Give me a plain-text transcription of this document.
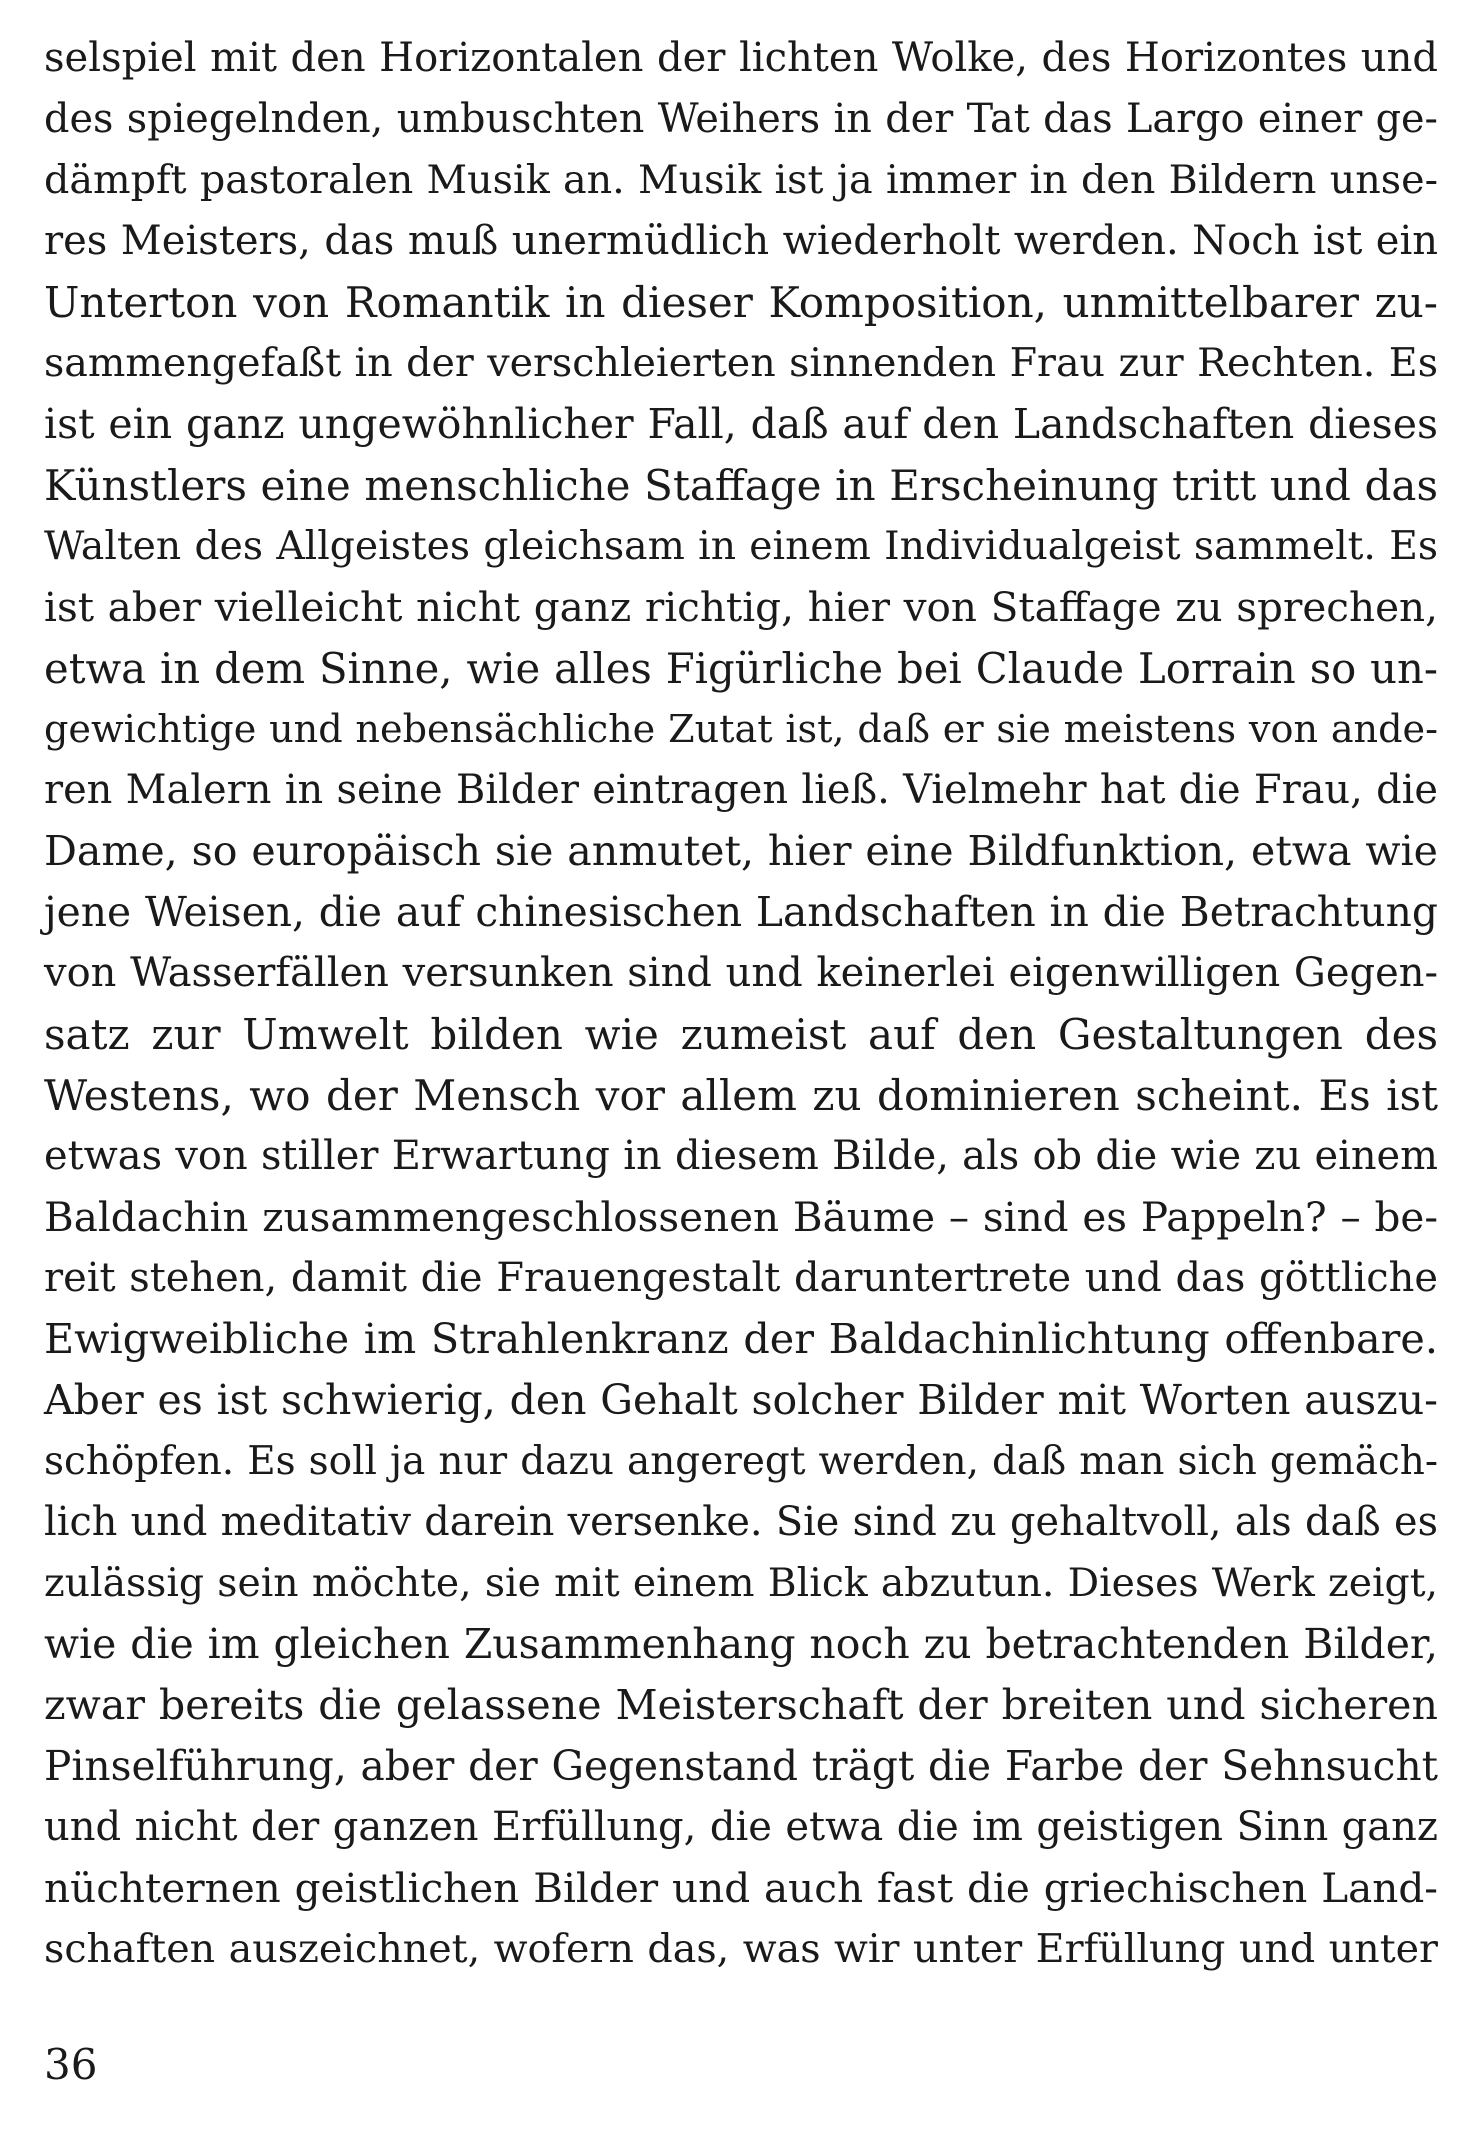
selspiel mit den Horizontalen der lichten Wolke, des Horizontes und
des spiegelnden, umbuschten Weihers in der Tat das Largo einer ge-
dämpft pastoralen Musik an. Musik ist ja immer in den Bildern unse-
res Meisters, das muß unermüdlich wiederholt werden. Noch ist ein
Unterton von Romantik in dieser Komposition, unmittelbarer zu-
sammengefaßt in der verschleierten sinnenden Frau zur Rechten. Es
ist ein ganz ungewöhnlicher Fall, daß auf den Landschaften dieses
Künstlers eine menschliche Staffage in Erscheinung tritt und das
Walten des Allgeistes gleichsam in einem Individualgeist sammelt. Es
ist aber vielleicht nicht ganz richtig, hier von Staffage zu sprechen,
etwa in dem Sinne, wie alles Figürliche bei Claude Lorrain so un-
gewichtige und nebensächliche Zutat ist, daß er sie meistens von ande-
ren Malern in seine Bilder eintragen ließ. Vielmehr hat die Frau, die
Dame, so europäisch sie anmutet, hier eine Bildfunktion, etwa wie
jene Weisen, die auf chinesischen Landschaften in die Betrachtung
von Wasserfällen versunken sind und keinerlei eigenwilligen Gegen-
satz zur Umwelt bilden wie zumeist auf den Gestaltungen des
Westens, wo der Mensch vor allem zu dominieren scheint. Es ist
etwas von stiller Erwartung in diesem Bilde, als ob die wie zu einem
Baldachin zusammengeschlossenen Bäume – sind es Pappeln? – be-
reit stehen, damit die Frauengestalt daruntertrete und das göttliche
Ewigweibliche im Strahlenkranz der Baldachinlichtung offenbare.
Aber es ist schwierig, den Gehalt solcher Bilder mit Worten auszu-
schöpfen. Es soll ja nur dazu angeregt werden, daß man sich gemäch-
lich und meditativ darein versenke. Sie sind zu gehaltvoll, als daß es
zulässig sein möchte, sie mit einem Blick abzutun. Dieses Werk zeigt,
wie die im gleichen Zusammenhang noch zu betrachtenden Bilder,
zwar bereits die gelassene Meisterschaft der breiten und sicheren
Pinselführung, aber der Gegenstand trägt die Farbe der Sehnsucht
und nicht der ganzen Erfüllung, die etwa die im geistigen Sinn ganz
nüchternen geistlichen Bilder und auch fast die griechischen Land-
schaften auszeichnet, wofern das, was wir unter Erfüllung und unter
36
